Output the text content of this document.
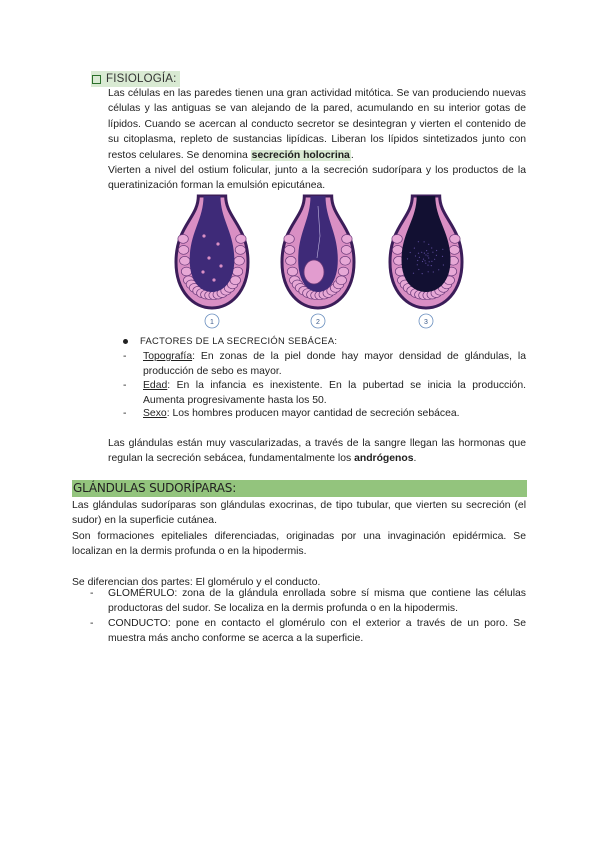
FISIOLOGÍA:

Las células en las paredes tienen una gran actividad mitótica. Se van produciendo nuevas células y las antiguas se van alejando de la pared, acumulando en su interior gotas de lípidos. Cuando se acercan al conducto secretor se desintegran y vierten el contenido de su citoplasma, repleto de sustancias lipídicas. Liberan los lípidos sintetizados junto con restos celulares. Se denomina secreción holocrina.

Vierten a nivel del ostium folicular, junto a la secreción sudorípara y los productos de la queratinización forman la emulsión epicutánea.

1	2	3
FACTORES DE LA SECRECIÓN SEBÁCEA:
- Topografía: En zonas de la piel donde hay mayor densidad de glándulas, la producción de sebo es mayor.
- Edad: En la infancia es inexistente. En la pubertad se inicia la producción. Aumenta progresivamente hasta los 50.
- Sexo: Los hombres producen mayor cantidad de secreción sebácea.

Las glándulas están muy vascularizadas, a través de la sangre llegan las hormonas que regulan la secreción sebácea, fundamentalmente los andrógenos.

GLÁNDULAS SUDORÍPARAS:

Las glándulas sudoríparas son glándulas exocrinas, de tipo tubular, que vierten su secreción (el sudor) en la superficie cutánea.

Son formaciones epiteliales diferenciadas, originadas por una invaginación epidérmica. Se localizan en la dermis profunda o en la hipodermis.

Se diferencian dos partes: El glomérulo y el conducto.

- GLOMÉRULO: zona de la glándula enrollada sobre sí misma que contiene las células productoras del sudor. Se localiza en la dermis profunda o en la hipodermis.
- CONDUCTO: pone en contacto el glomérulo con el exterior a través de un poro. Se muestra más ancho conforme se acerca a la superficie.
